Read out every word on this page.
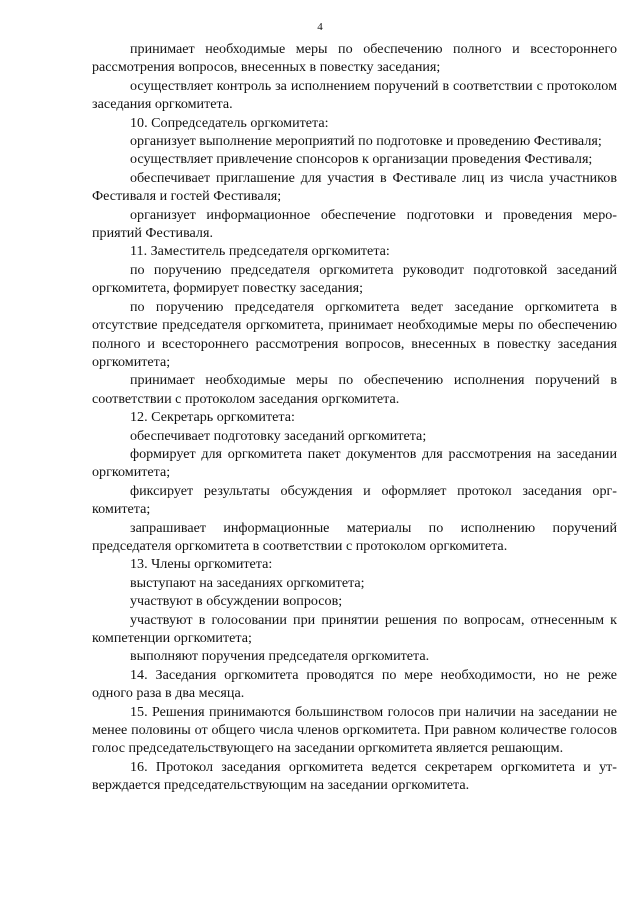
4

принимает необходимые меры по обеспечению полного и всестороннего рассмотрения вопросов, внесенных в повестку заседания;

осуществляет контроль за исполнением поручений в соответствии с протоколом заседания оргкомитета.

10. Сопредседатель оргкомитета:

организует выполнение мероприятий по подготовке и проведению Фестиваля;

осуществляет привлечение спонсоров к организации проведения Фестиваля;

обеспечивает приглашение для участия в Фестивале лиц из числа участников Фестиваля и гостей Фестиваля;

организует информационное обеспечение подготовки и проведения мероприятий Фестиваля.

11. Заместитель председателя оргкомитета:

по поручению председателя оргкомитета руководит подготовкой заседаний оргкомитета, формирует повестку заседания;

по поручению председателя оргкомитета ведет заседание оргкомитета в отсутствие председателя оргкомитета, принимает необходимые меры по обеспечению полного и всестороннего рассмотрения вопросов, внесенных в повестку заседания оргкомитета;

принимает необходимые меры по обеспечению исполнения поручений в соответствии с протоколом заседания оргкомитета.

12. Секретарь оргкомитета:

обеспечивает подготовку заседаний оргкомитета;

формирует для оргкомитета пакет документов для рассмотрения на заседании оргкомитета;

фиксирует результаты обсуждения и оформляет протокол заседания оргкомитета;

запрашивает информационные материалы по исполнению поручений председателя оргкомитета в соответствии с протоколом оргкомитета.

13. Члены оргкомитета:

выступают на заседаниях оргкомитета;

участвуют в обсуждении вопросов;

участвуют в голосовании при принятии решения по вопросам, отнесенным к компетенции оргкомитета;

выполняют поручения председателя оргкомитета.

14. Заседания оргкомитета проводятся по мере необходимости, но не реже одного раза в два месяца.

15. Решения принимаются большинством голосов при наличии на заседании не менее половины от общего числа членов оргкомитета. При равном количестве голосов голос председательствующего на заседании оргкомитета является решающим.

16. Протокол заседания оргкомитета ведется секретарем оргкомитета и утверждается председательствующим на заседании оргкомитета.
